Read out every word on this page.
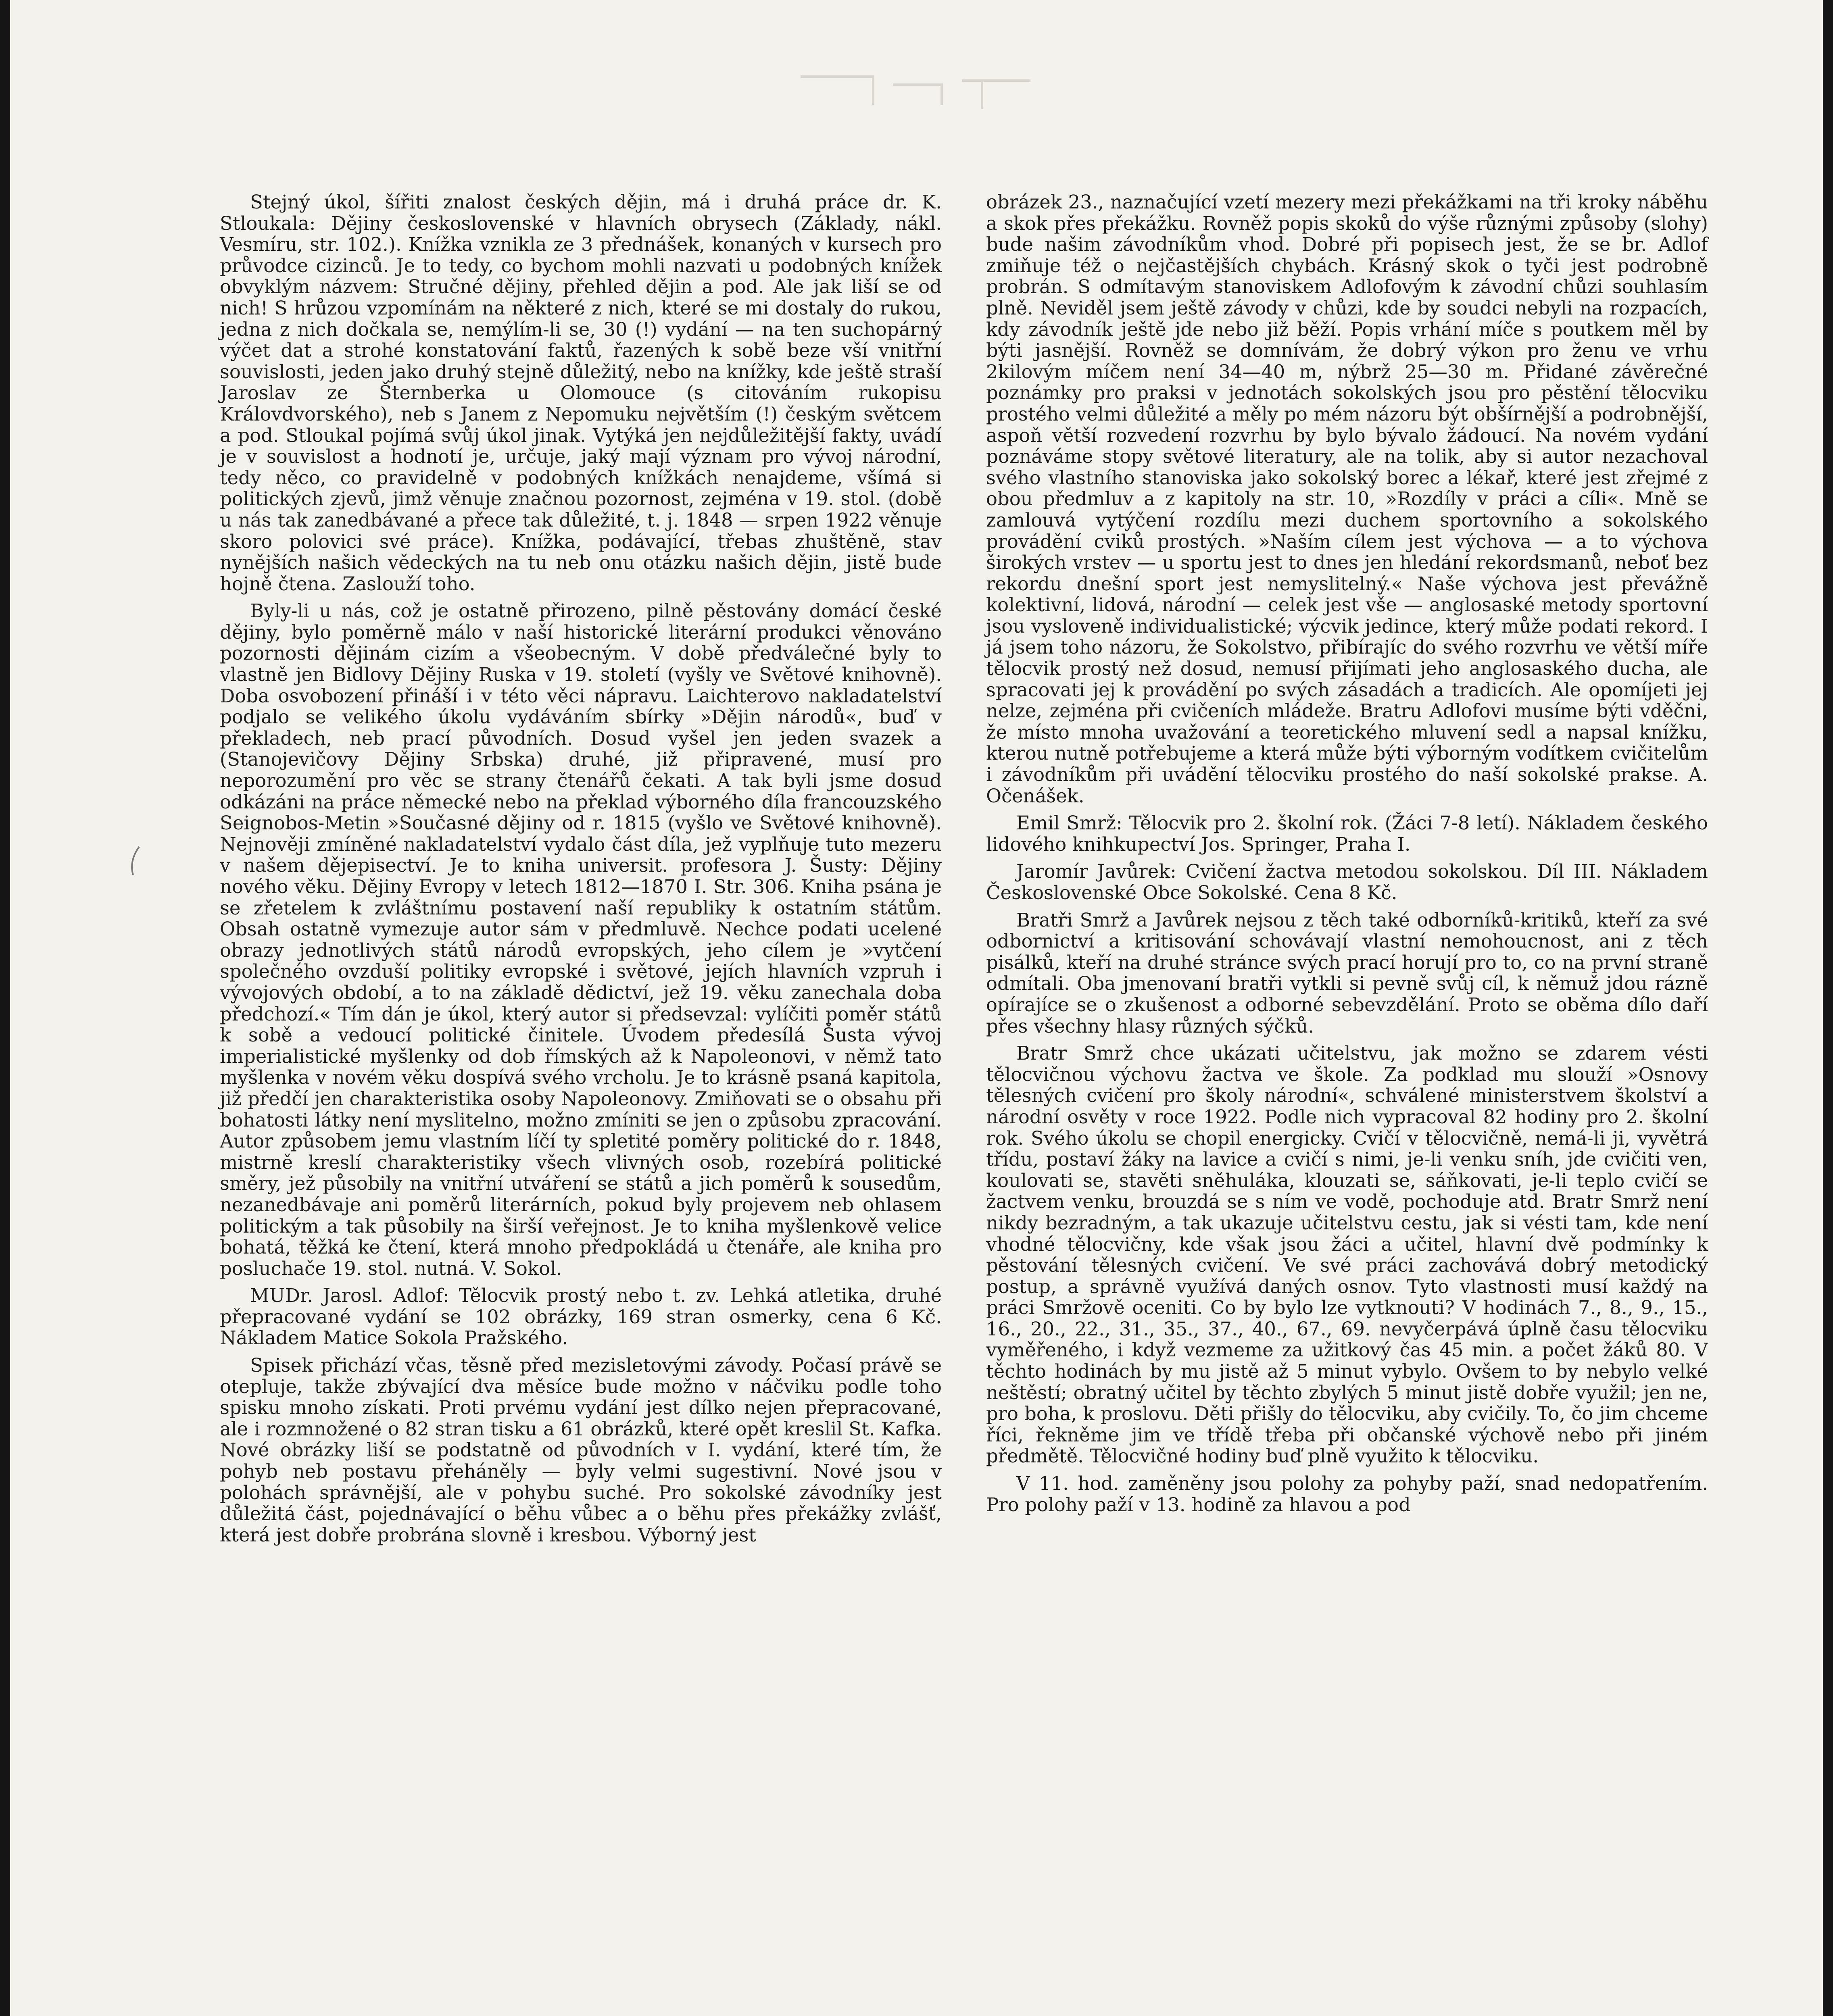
Stejný úkol, šířiti znalost českých dějin, má i druhá práce dr. K. Stloukala: Dějiny československé v hlavních obrysech (Základy, nákl. Vesmíru, str. 102.). Knížka vznikla ze 3 přednášek, konaných v kursech pro průvodce cizinců. Je to tedy, co bychom mohli nazvati u podobných knížek obvyklým názvem: Stručné dějiny, přehled dějin a pod. Ale jak liší se od nich! S hrůzou vzpomínám na některé z nich, které se mi dostaly do rukou, jedna z nich dočkala se, nemýlím-li se, 30 (!) vydání — na ten suchopárný výčet dat a strohé konstatování faktů, řazených k sobě beze vší vnitřní souvislosti, jeden jako druhý stejně důležitý, nebo na knížky, kde ještě straší Jaroslav ze Šternberka u Olomouce (s citováním rukopisu Královdvorského), neb s Janem z Nepomuku největším (!) českým světcem a pod. Stloukal pojímá svůj úkol jinak. Vytýká jen nejdůležitější fakty, uvádí je v souvislost a hodnotí je, určuje, jaký mají význam pro vývoj národní, tedy něco, co pravidelně v podobných knížkách nenajdeme, všímá si politických zjevů, jimž věnuje značnou pozornost, zejména v 19. stol. (době u nás tak zanedbávané a přece tak důležité, t. j. 1848 — srpen 1922 věnuje skoro polovici své práce). Knížka, podávající, třebas zhuštěně, stav nynějších našich vědeckých na tu neb onu otázku našich dějin, jistě bude hojně čtena. Zaslouží toho.

Byly-li u nás, což je ostatně přirozeno, pilně pěstovány domácí české dějiny, bylo poměrně málo v naší historické literární produkci věnováno pozornosti dějinám cizím a všeobecným. V době předválečné byly to vlastně jen Bidlovy Dějiny Ruska v 19. století (vyšly ve Světové knihovně). Doba osvobození přináší i v této věci nápravu. Laichterovo nakladatelství podjalo se velikého úkolu vydáváním sbírky »Dějin národů«, buď v překladech, neb prací původních. Dosud vyšel jen jeden svazek a (Stanojevičovy Dějiny Srbska) druhé, již připravené, musí pro neporozumění pro věc se strany čtenářů čekati. A tak byli jsme dosud odkázáni na práce německé nebo na překlad výborného díla francouzského Seignobos-Metin »Současné dějiny od r. 1815 (vyšlo ve Světové knihovně). Nejnověji zmíněné nakladatelství vydalo část díla, jež vyplňuje tuto mezeru v našem dějepisectví. Je to kniha universit. profesora J. Šusty: Dějiny nového věku. Dějiny Evropy v letech 1812—1870 I. Str. 306. Kniha psána je se zřetelem k zvláštnímu postavení naší republiky k ostatním státům. Obsah ostatně vymezuje autor sám v předmluvě. Nechce podati ucelené obrazy jednotlivých států národů evropských, jeho cílem je »vytčení společného ovzduší politiky evropské i světové, jejích hlavních vzpruh i vývojových období, a to na základě dědictví, jež 19. věku zanechala doba předchozí.« Tím dán je úkol, který autor si předsevzal: vylíčiti poměr států k sobě a vedoucí politické činitele. Úvodem předesílá Šusta vývoj imperialistické myšlenky od dob římských až k Napoleonovi, v němž tato myšlenka v novém věku dospívá svého vrcholu. Je to krásně psaná kapitola, již předčí jen charakteristika osoby Napoleonovy. Zmiňovati se o obsahu při bohatosti látky není myslitelno, možno zmíniti se jen o způsobu zpracování. Autor způsobem jemu vlastním líčí ty spletité poměry politické do r. 1848, mistrně kreslí charakteristiky všech vlivných osob, rozebírá politické směry, jež působily na vnitřní utváření se států a jich poměrů k sousedům, nezanedbávaje ani poměrů literárních, pokud byly projevem neb ohlasem politickým a tak působily na širší veřejnost. Je to kniha myšlenkově velice bohatá, těžká ke čtení, která mnoho předpokládá u čtenáře, ale kniha pro posluchače 19. stol. nutná. V. Sokol.

MUDr. Jarosl. Adlof: Tělocvik prostý nebo t. zv. Lehká atletika, druhé přepracované vydání se 102 obrázky, 169 stran osmerky, cena 6 Kč. Nákladem Matice Sokola Pražského.

Spisek přichází včas, těsně před mezisletovými závody. Počasí právě se otepluje, takže zbývající dva měsíce bude možno v náčviku podle toho spisku mnoho získati. Proti prvému vydání jest dílko nejen přepracované, ale i rozmnožené o 82 stran tisku a 61 obrázků, které opět kreslil St. Kafka. Nové obrázky liší se podstatně od původních v I. vydání, které tím, že pohyb neb postavu přeháněly — byly velmi sugestivní. Nové jsou v polohách správnější, ale v pohybu suché. Pro sokolské závodníky jest důležitá část, pojednávající o běhu vůbec a o běhu přes překážky zvlášť, která jest dobře probrána slovně i kresbou. Výborný jest

obrázek 23., naznačující vzetí mezery mezi překážkami na tři kroky náběhu a skok přes překážku. Rovněž popis skoků do výše různými způsoby (slohy) bude našim závodníkům vhod. Dobré při popisech jest, že se br. Adlof zmiňuje též o nejčastějších chybách. Krásný skok o tyči jest podrobně probrán. S odmítavým stanoviskem Adlofovým k závodní chůzi souhlasím plně. Neviděl jsem ještě závody v chůzi, kde by soudci nebyli na rozpacích, kdy závodník ještě jde nebo již běží. Popis vrhání míče s poutkem měl by býti jasnější. Rovněž se domnívám, že dobrý výkon pro ženu ve vrhu 2kilovým míčem není 34—40 m, nýbrž 25—30 m. Přidané závěrečné poznámky pro praksi v jednotách sokolských jsou pro pěstění tělocviku prostého velmi důležité a měly po mém názoru být obšírnější a podrobnější, aspoň větší rozvedení rozvrhu by bylo bývalo žádoucí. Na novém vydání poznáváme stopy světové literatury, ale na tolik, aby si autor nezachoval svého vlastního stanoviska jako sokolský borec a lékař, které jest zřejmé z obou předmluv a z kapitoly na str. 10, »Rozdíly v práci a cíli«. Mně se zamlouvá vytýčení rozdílu mezi duchem sportovního a sokolského provádění cviků prostých. »Naším cílem jest výchova — a to výchova širokých vrstev — u sportu jest to dnes jen hledání rekordsmanů, neboť bez rekordu dnešní sport jest nemyslitelný.« Naše výchova jest převážně kolektivní, lidová, národní — celek jest vše — anglosaské metody sportovní jsou vysloveně individualistické; výcvik jedince, který může podati rekord. I já jsem toho názoru, že Sokolstvo, přibírajíc do svého rozvrhu ve větší míře tělocvik prostý než dosud, nemusí přijímati jeho anglosaského ducha, ale spracovati jej k provádění po svých zásadách a tradicích. Ale opomíjeti jej nelze, zejména při cvičeních mládeže. Bratru Adlofovi musíme býti vděčni, že místo mnoha uvažování a teoretického mluvení sedl a napsal knížku, kterou nutně potřebujeme a která může býti výborným vodítkem cvičitelům i závodníkům při uvádění tělocviku prostého do naší sokolské prakse. A. Očenášek.

Emil Smrž: Tělocvik pro 2. školní rok. (Žáci 7-8 letí). Nákladem českého lidového knihkupectví Jos. Springer, Praha I.

Jaromír Javůrek: Cvičení žactva metodou sokolskou. Díl III. Nákladem Československé Obce Sokolské. Cena 8 Kč.

Bratři Smrž a Javůrek nejsou z těch také odborníků-kritiků, kteří za své odbornictví a kritisování schovávají vlastní nemohoucnost, ani z těch pisálků, kteří na druhé stránce svých prací horují pro to, co na první straně odmítali. Oba jmenovaní bratři vytkli si pevně svůj cíl, k němuž jdou rázně opírajíce se o zkušenost a odborné sebevzdělání. Proto se oběma dílo daří přes všechny hlasy různých sýčků.

Bratr Smrž chce ukázati učitelstvu, jak možno se zdarem vésti tělocvičnou výchovu žactva ve škole. Za podklad mu slouží »Osnovy tělesných cvičení pro školy národní«, schválené ministerstvem školství a národní osvěty v roce 1922. Podle nich vypracoval 82 hodiny pro 2. školní rok. Svého úkolu se chopil energicky. Cvičí v tělocvičně, nemá-li ji, vyvětrá třídu, postaví žáky na lavice a cvičí s nimi, je-li venku sníh, jde cvičiti ven, koulovati se, stavěti sněhuláka, klouzati se, sáňkovati, je-li teplo cvičí se žactvem venku, brouzdá se s ním ve vodě, pochoduje atd. Bratr Smrž není nikdy bezradným, a tak ukazuje učitelstvu cestu, jak si vésti tam, kde není vhodné tělocvičny, kde však jsou žáci a učitel, hlavní dvě podmínky k pěstování tělesných cvičení. Ve své práci zachovává dobrý metodický postup, a správně využívá daných osnov. Tyto vlastnosti musí každý na práci Smržově oceniti. Co by bylo lze vytknouti? V hodinách 7., 8., 9., 15., 16., 20., 22., 31., 35., 37., 40., 67., 69. nevyčerpává úplně času tělocviku vyměřeného, i když vezmeme za užitkový čas 45 min. a počet žáků 80. V těchto hodinách by mu jistě až 5 minut vybylo. Ovšem to by nebylo velké neštěstí; obratný učitel by těchto zbylých 5 minut jistě dobře využil; jen ne, pro boha, k proslovu. Děti přišly do tělocviku, aby cvičily. To, čo jim chceme říci, řekněme jim ve třídě třeba při občanské výchově nebo při jiném předmětě. Tělocvičné hodiny buď plně využito k tělocviku.

V 11. hod. zaměněny jsou polohy za pohyby paží, snad nedopatřením. Pro polohy paží v 13. hodině za hlavou a pod
